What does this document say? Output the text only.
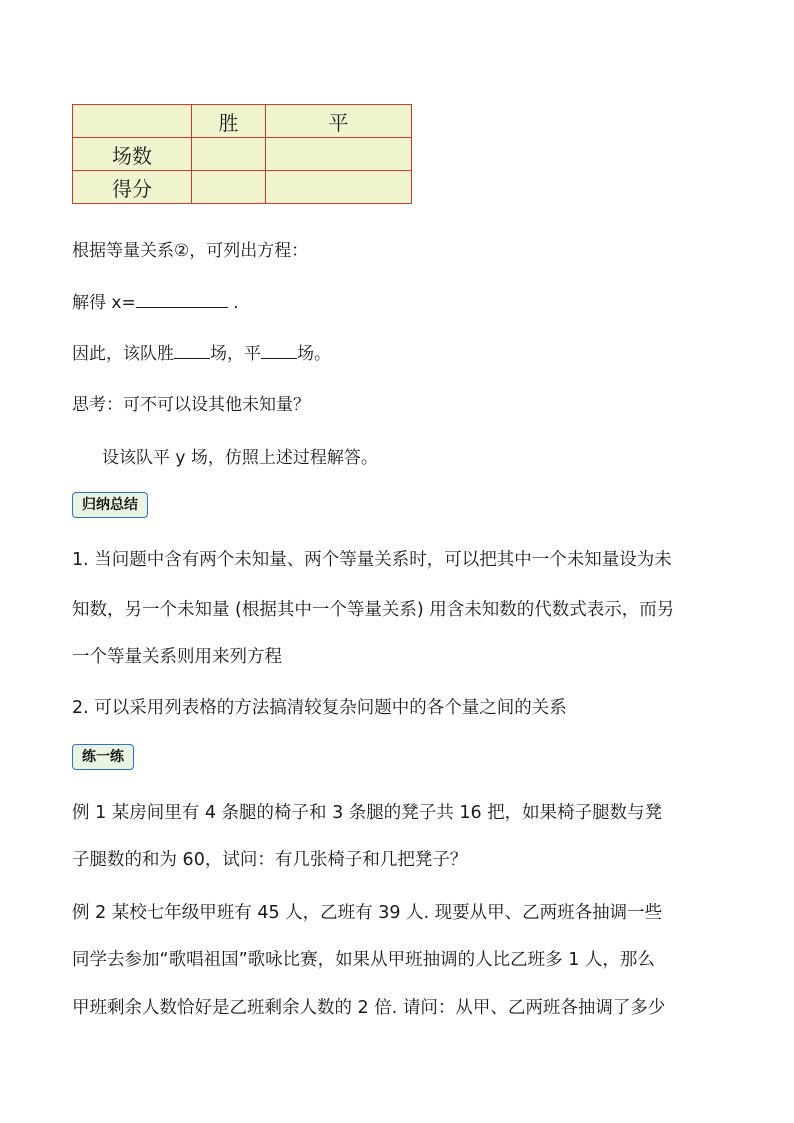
	胜	平
场数		
得分		
根据等量关系②，可列出方程：
解得 x=	.
因此，该队胜 场，平 场。
思考：可不可以设其他未知量？
设该队平 y 场，仿照上述过程解答。
归纳总结
1. 当问题中含有两个未知量、两个等量关系时，可以把其中一个未知量设为未
知数，另一个未知量 (根据其中一个等量关系) 用含未知数的代数式表示，而另
一个等量关系则用来列方程
2. 可以采用列表格的方法搞清较复杂问题中的各个量之间的关系
练一练
例 1 某房间里有 4 条腿的椅子和 3 条腿的凳子共 16 把，如果椅子腿数与凳
子腿数的和为 60，试问：有几张椅子和几把凳子？
例 2 某校七年级甲班有 45 人，乙班有 39 人. 现要从甲、乙两班各抽调一些
同学去参加“歌唱祖国”歌咏比赛，如果从甲班抽调的人比乙班多 1 人，那么
甲班剩余人数恰好是乙班剩余人数的 2 倍. 请问：从甲、乙两班各抽调了多少
